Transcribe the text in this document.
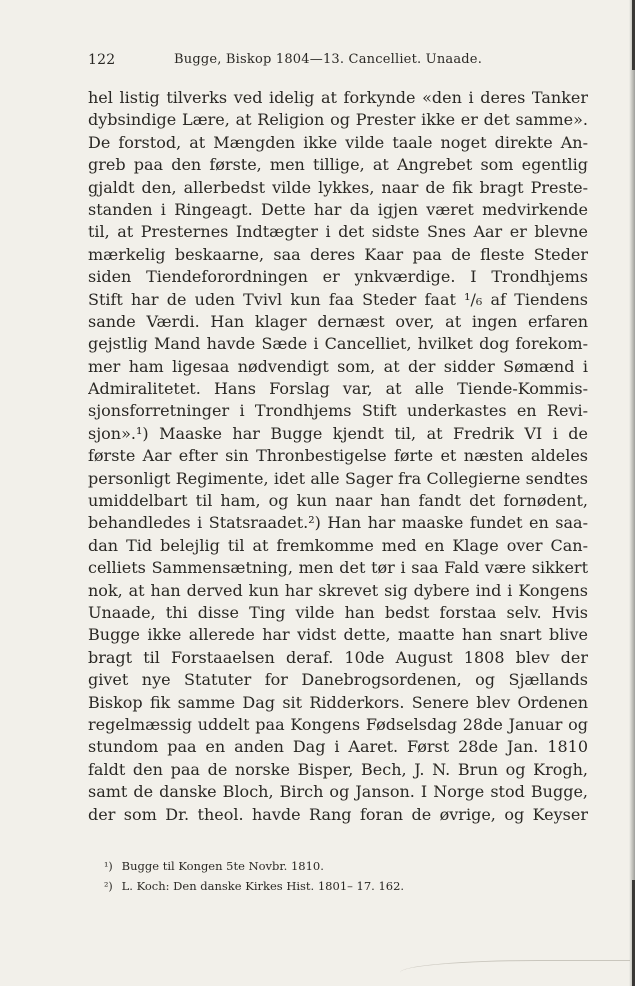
122	Bugge, Biskop 1804—13. Cancelliet. Unaade.
hel listig tilverks ved idelig at forkynde «den i deres Tanker
dybsindige Lære, at Religion og Prester ikke er det samme».
De forstod, at Mængden ikke vilde taale noget direkte An-
greb paa den første, men tillige, at Angrebet som egentlig
gjaldt den, allerbedst vilde lykkes, naar de fik bragt Preste-
standen i Ringeagt. Dette har da igjen været medvirkende
til, at Presternes Indtægter i det sidste Snes Aar er blevne
mærkelig beskaarne, saa deres Kaar paa de fleste Steder
siden Tiendeforordningen er ynkværdige. I Trondhjems
Stift har de uden Tvivl kun faa Steder faat ¹/₆ af Tiendens
sande Værdi. Han klager dernæst over, at ingen erfaren
gejstlig Mand havde Sæde i Cancelliet, hvilket dog forekom-
mer ham ligesaa nødvendigt som, at der sidder Sømænd i
Admiralitetet. Hans Forslag var, at alle Tiende-Kommis-
sjonsforretninger i Trondhjems Stift underkastes en Revi-
sjon».¹) Maaske har Bugge kjendt til, at Fredrik VI i de
første Aar efter sin Thronbestigelse førte et næsten aldeles
personligt Regimente, idet alle Sager fra Collegierne sendtes
umiddelbart til ham, og kun naar han fandt det fornødent,
behandledes i Statsraadet.²) Han har maaske fundet en saa-
dan Tid belejlig til at fremkomme med en Klage over Can-
celliets Sammensætning, men det tør i saa Fald være sikkert
nok, at han derved kun har skrevet sig dybere ind i Kongens
Unaade, thi disse Ting vilde han bedst forstaa selv. Hvis
Bugge ikke allerede har vidst dette, maatte han snart blive
bragt til Forstaaelsen deraf. 10de August 1808 blev der
givet nye Statuter for Danebrogsordenen, og Sjællands
Biskop fik samme Dag sit Ridderkors. Senere blev Ordenen
regelmæssig uddelt paa Kongens Fødselsdag 28de Januar og
stundom paa en anden Dag i Aaret. Først 28de Jan. 1810
faldt den paa de norske Bisper, Bech, J. N. Brun og Krogh,
samt de danske Bloch, Birch og Janson. I Norge stod Bugge,
der som Dr. theol. havde Rang foran de øvrige, og Keyser
¹) Bugge til Kongen 5te Novbr. 1810.
²) L. Koch: Den danske Kirkes Hist. 1801– 17. 162.
